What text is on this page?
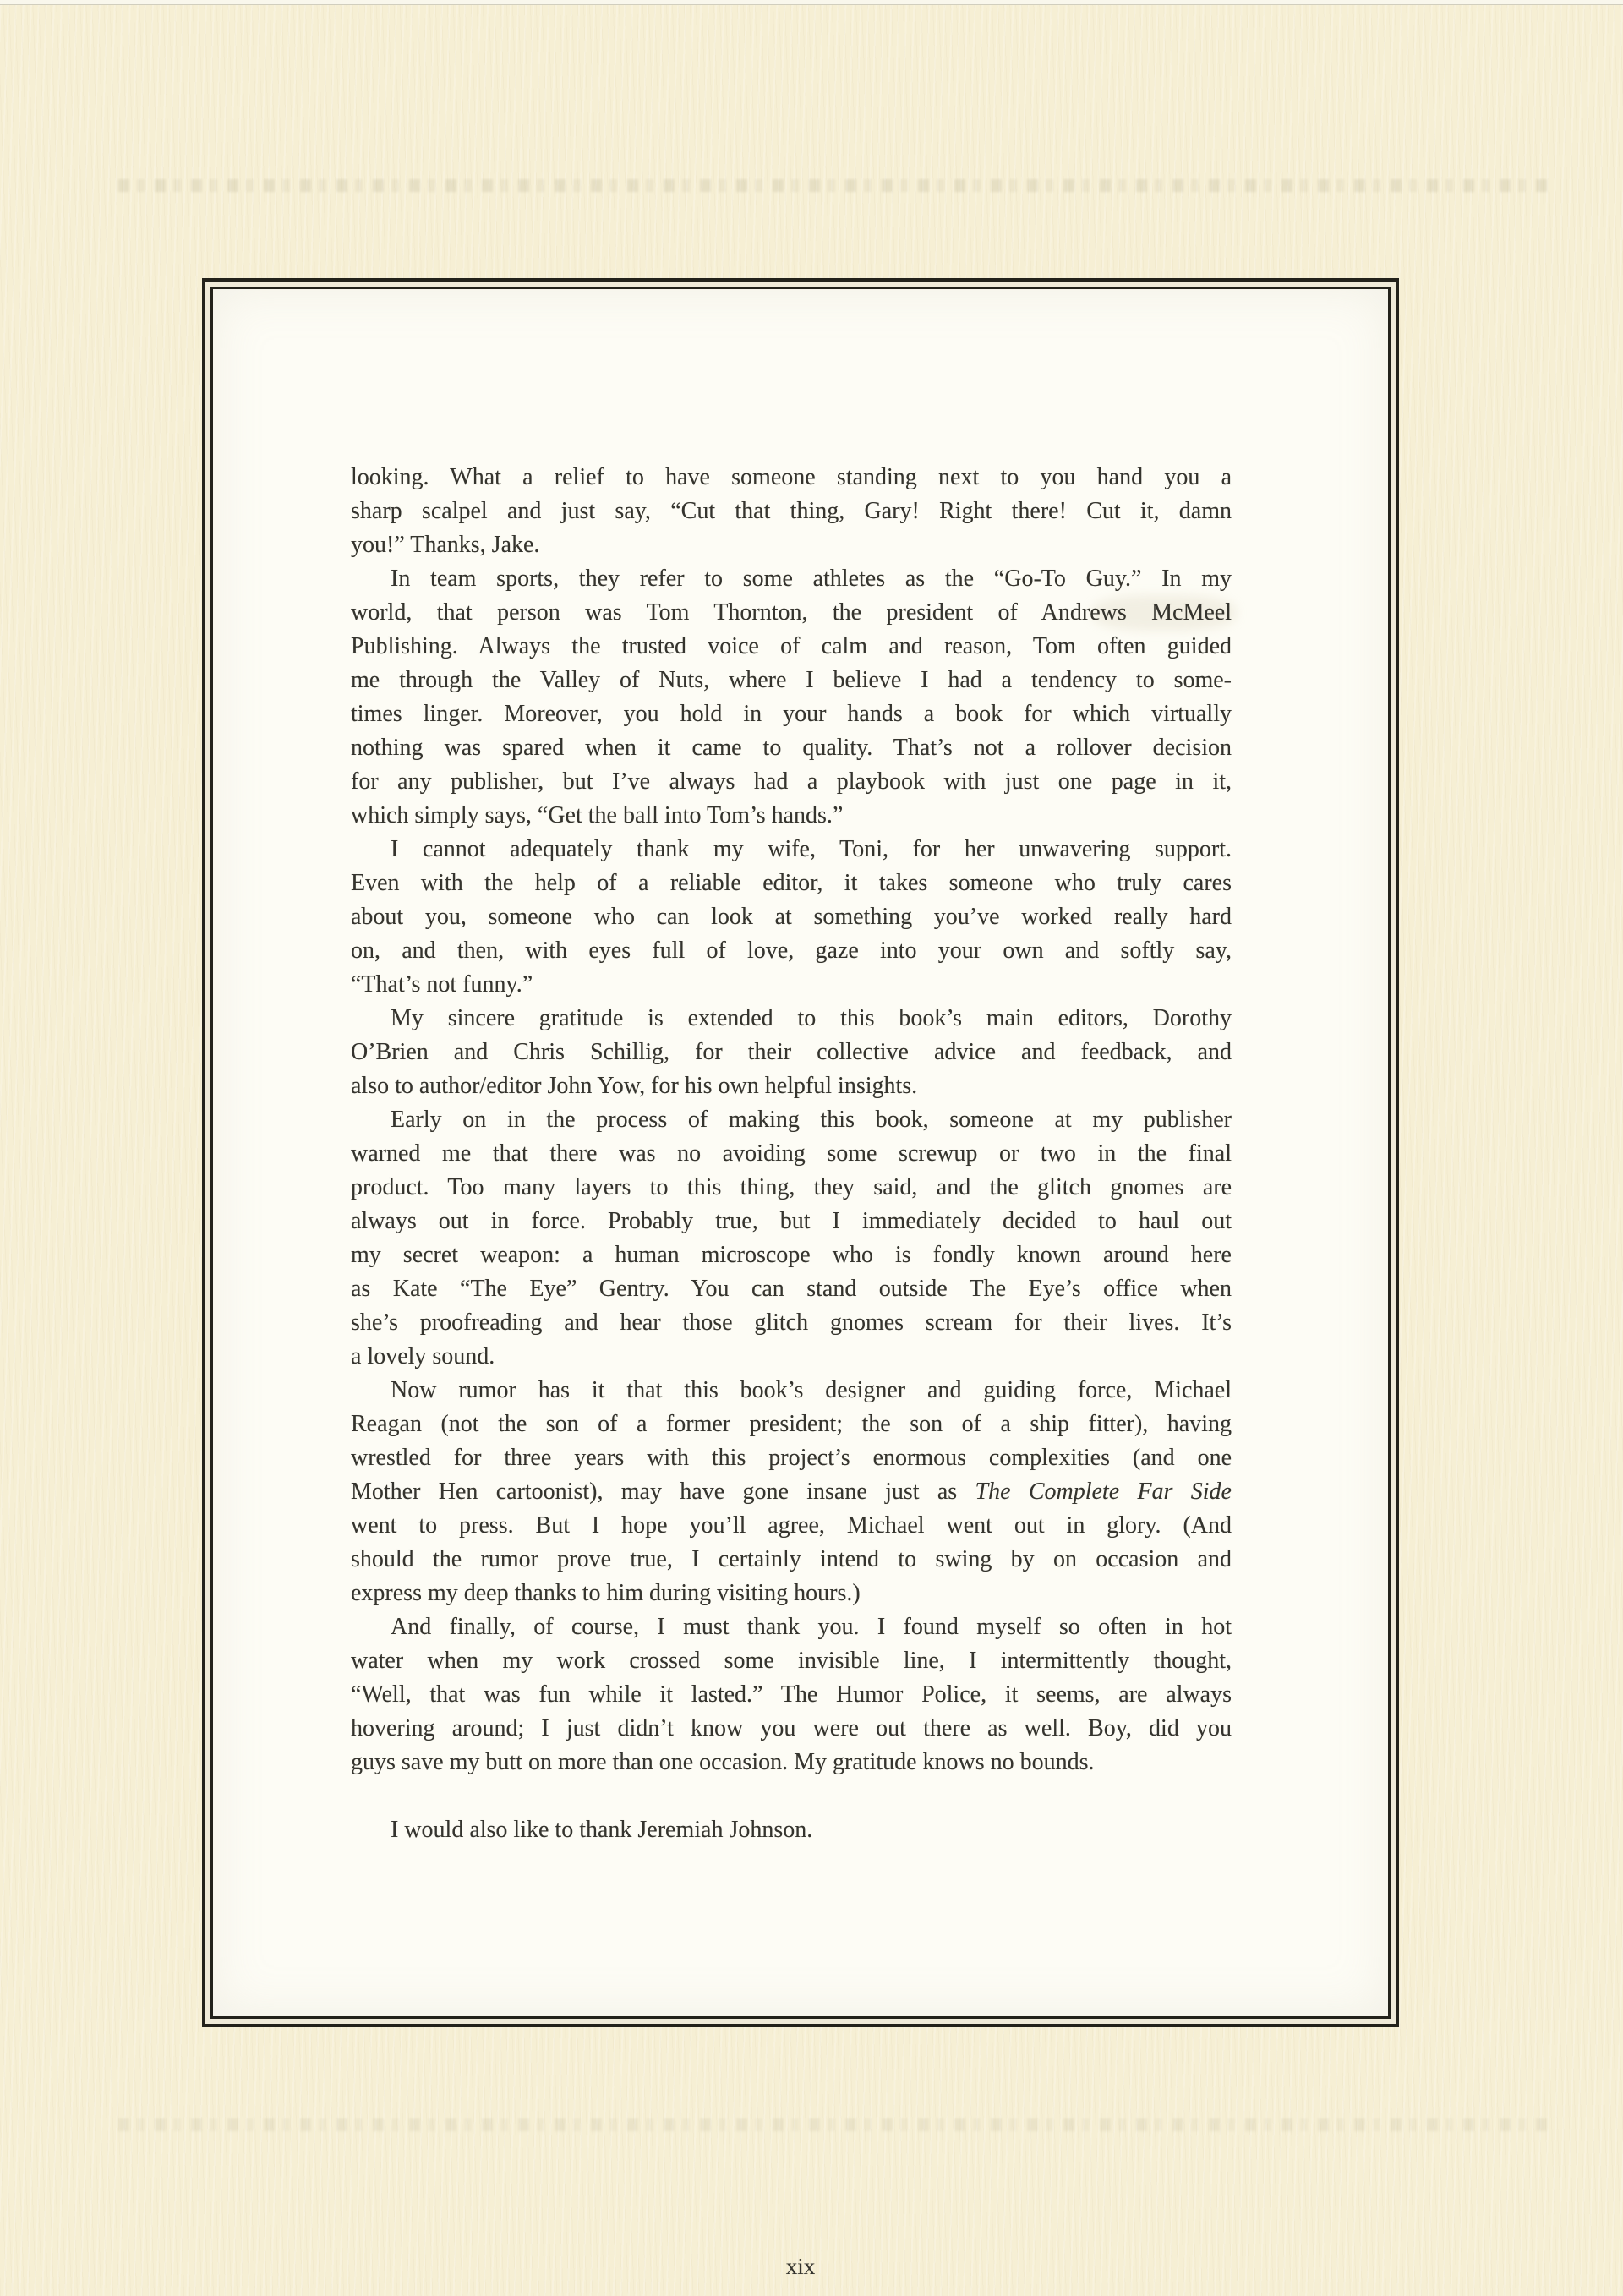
looking. What a relief to have someone standing next to you hand you a
sharp scalpel and just say, “Cut that thing, Gary! Right there! Cut it, damn
you!” Thanks, Jake.
In team sports, they refer to some athletes as the “Go-To Guy.” In my
world, that person was Tom Thornton, the president of Andrews McMeel
Publishing. Always the trusted voice of calm and reason, Tom often guided
me through the Valley of Nuts, where I believe I had a tendency to some-
times linger. Moreover, you hold in your hands a book for which virtually
nothing was spared when it came to quality. That’s not a rollover decision
for any publisher, but I’ve always had a playbook with just one page in it,
which simply says, “Get the ball into Tom’s hands.”
I cannot adequately thank my wife, Toni, for her unwavering support.
Even with the help of a reliable editor, it takes someone who truly cares
about you, someone who can look at something you’ve worked really hard
on, and then, with eyes full of love, gaze into your own and softly say,
“That’s not funny.”
My sincere gratitude is extended to this book’s main editors, Dorothy
O’Brien and Chris Schillig, for their collective advice and feedback, and
also to author/editor John Yow, for his own helpful insights.
Early on in the process of making this book, someone at my publisher
warned me that there was no avoiding some screwup or two in the final
product. Too many layers to this thing, they said, and the glitch gnomes are
always out in force. Probably true, but I immediately decided to haul out
my secret weapon: a human microscope who is fondly known around here
as Kate “The Eye” Gentry. You can stand outside The Eye’s office when
she’s proofreading and hear those glitch gnomes scream for their lives. It’s
a lovely sound.
Now rumor has it that this book’s designer and guiding force, Michael
Reagan (not the son of a former president; the son of a ship fitter), having
wrestled for three years with this project’s enormous complexities (and one
Mother Hen cartoonist), may have gone insane just as The Complete Far Side
went to press. But I hope you’ll agree, Michael went out in glory. (And
should the rumor prove true, I certainly intend to swing by on occasion and
express my deep thanks to him during visiting hours.)
And finally, of course, I must thank you. I found myself so often in hot
water when my work crossed some invisible line, I intermittently thought,
“Well, that was fun while it lasted.” The Humor Police, it seems, are always
hovering around; I just didn’t know you were out there as well. Boy, did you
guys save my butt on more than one occasion. My gratitude knows no bounds.
I would also like to thank Jeremiah Johnson.
xix
